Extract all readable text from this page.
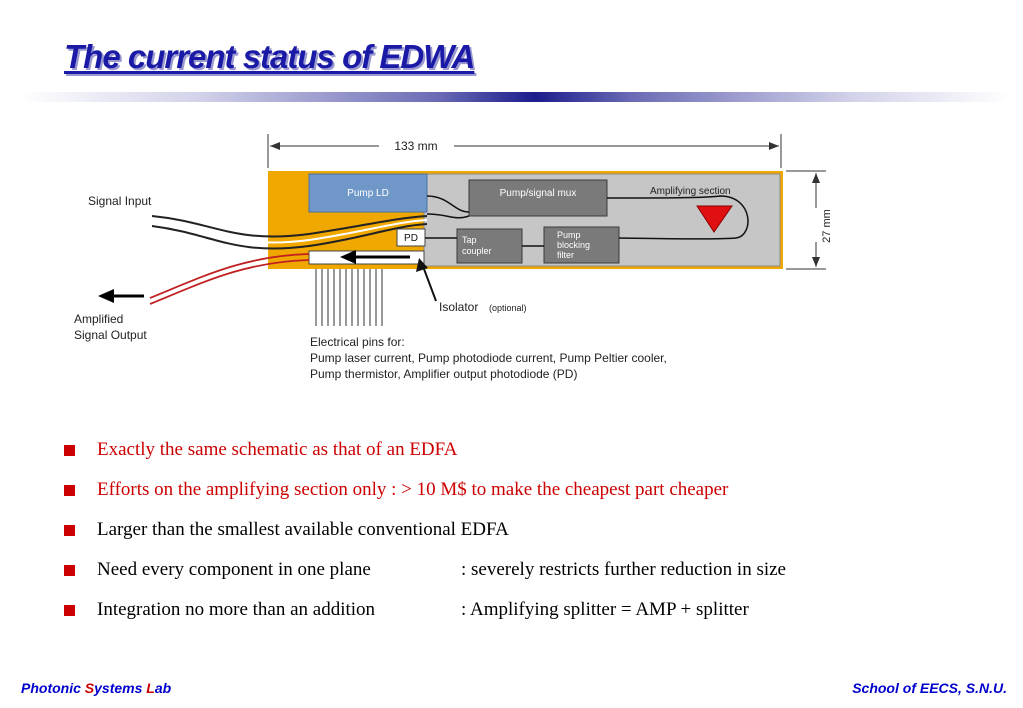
The current status of EDWA
133 mm
Pump LD	Pump/signal mux	Amplifying section
PD	Tap
coupler
Pump
blocking
filter
Signal Input
Amplified
Signal Output
Isolator (optional)
Electrical pins for:
Pump laser current, Pump photodiode current, Pump Peltier cooler,
Pump thermistor, Amplifier output photodiode (PD)
27 mm
Exactly the same schematic as that of an EDFA
Efforts on the amplifying section only : > 10 M$ to make the cheapest part cheaper
Larger than the smallest available conventional EDFA
Need every component in one plane	: severely restricts further reduction in size
Integration no more than an addition	: Amplifying splitter = AMP + splitter
Photonic Systems Lab	School of EECS, S.N.U.
